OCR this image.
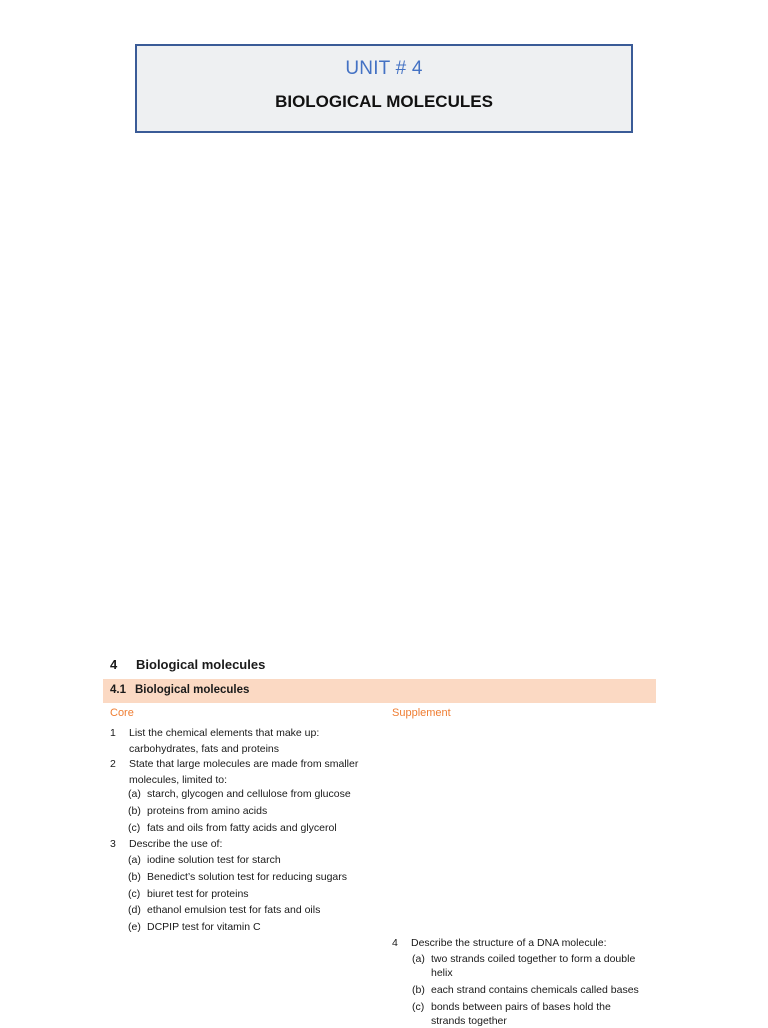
UNIT # 4
BIOLOGICAL MOLECULES
4 Biological molecules
4.1 Biological molecules
Core	Supplement
1 List the chemical elements that make up: carbohydrates, fats and proteins
2 State that large molecules are made from smaller molecules, limited to:
(a) starch, glycogen and cellulose from glucose
(b) proteins from amino acids
(c) fats and oils from fatty acids and glycerol
3 Describe the use of:
(a) iodine solution test for starch
(b) Benedict’s solution test for reducing sugars
(c) biuret test for proteins
(d) ethanol emulsion test for fats and oils
(e) DCPIP test for vitamin C
4 Describe the structure of a DNA molecule:
(a) two strands coiled together to form a double helix
(b) each strand contains chemicals called bases
(c) bonds between pairs of bases hold the strands together
